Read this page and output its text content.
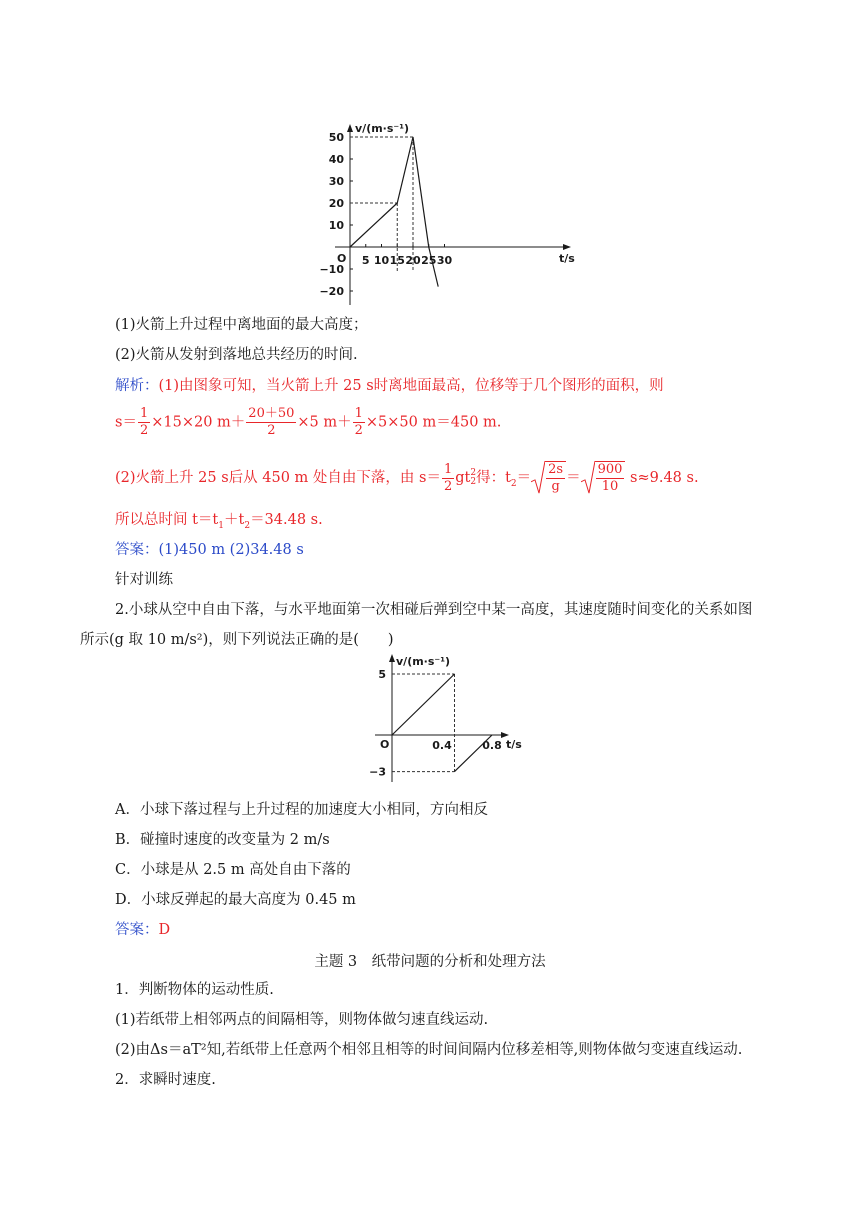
v/(m·s⁻¹)
t/s
O
50
40
30
20
10
−10
−20
5 10 15 20 25 30
v/(m·s⁻¹)
t/s
O
5
−3
0.4	0.8
(1)火箭上升过程中离地面的最大高度；
(2)火箭从发射到落地总共经历的时间.
解析：(1)由图象可知，当火箭上升 25 s时离地面最高，位移等于几个图形的面积，则
$s= \frac{1}{2} \times 15\times 20$ $m+ \frac{20+50}{2} \times 5$ $m+ \frac{1}{2} \times 5\times 50$ m＝450 m.
(2)火箭上升 25 s后从 450 m 处自由下落，由 $s= \frac{1}{2}$ gt 2
2 得：$t_2= \frac{2s}{g} = \frac{900}{10} s\approx 9.48$ s.
所以总时间 $t=t_1+t_2=34.48$ s.
答案：(1)450 m (2)34.48 s
针对训练
2.小球从空中自由下落，与水平地面第一次相碰后弹到空中某一高度，其速度随时间变化的关系如图
所示(g 取 10 m/s²)，则下列说法正确的是(　　)
A．小球下落过程与上升过程的加速度大小相同，方向相反
B．碰撞时速度的改变量为 2 m/s
C．小球是从 2.5 m 高处自由下落的
D．小球反弹起的最大高度为 0.45 m
答案：D
主题 3　纸带问题的分析和处理方法
1．判断物体的运动性质.
(1)若纸带上相邻两点的间隔相等，则物体做匀速直线运动.
(2)由Δs＝aT²知,若纸带上任意两个相邻且相等的时间间隔内位移差相等,则物体做匀变速直线运动.
2．求瞬时速度.
